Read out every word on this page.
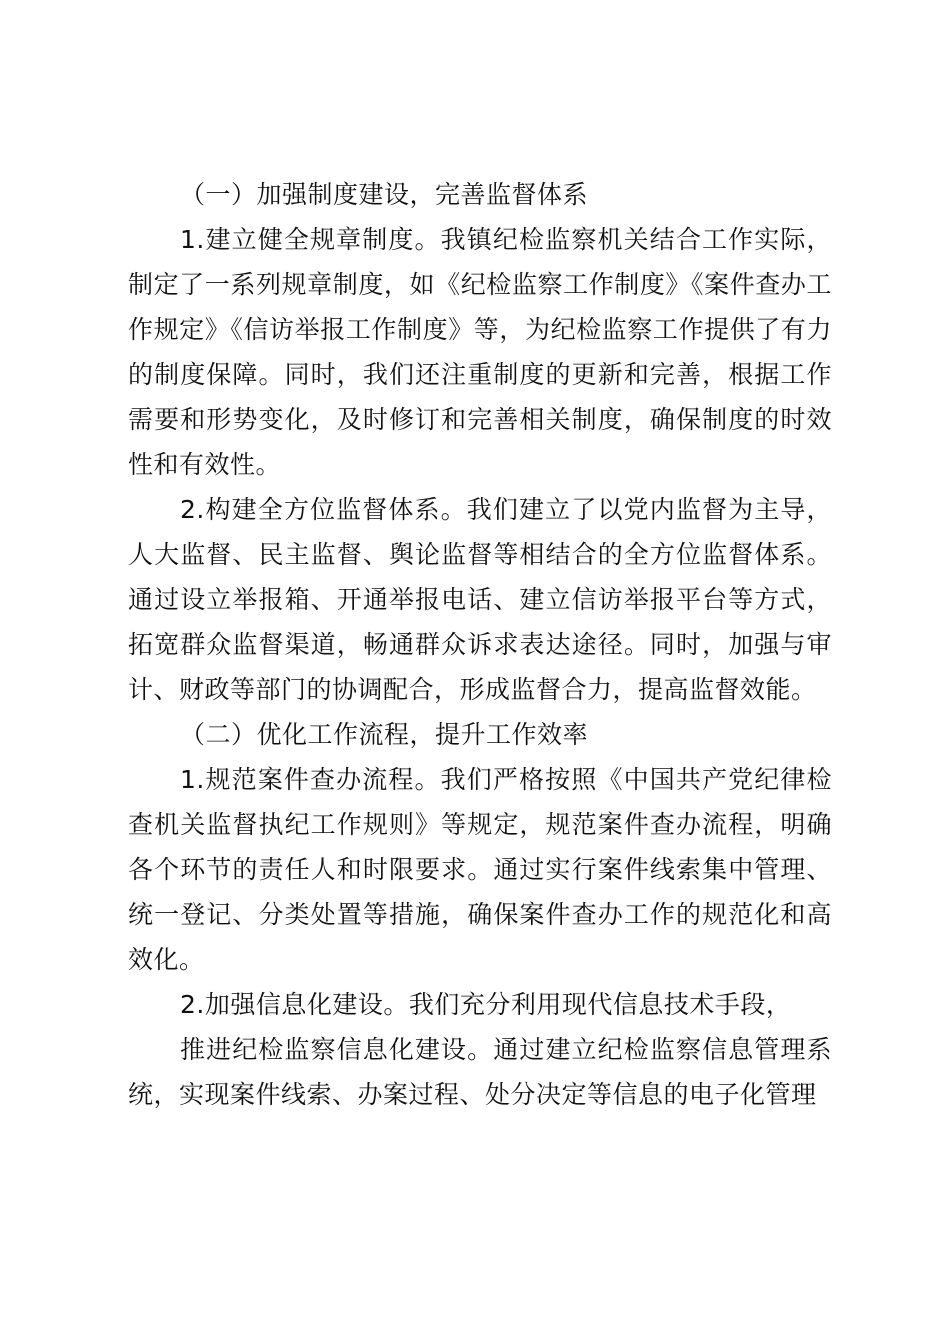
（一）加强制度建设，完善监督体系

1.建立健全规章制度。我镇纪检监察机关结合工作实际，制定了一系列规章制度，如《纪检监察工作制度》《案件查办工作规定》《信访举报工作制度》等，为纪检监察工作提供了有力的制度保障。同时，我们还注重制度的更新和完善，根据工作需要和形势变化，及时修订和完善相关制度，确保制度的时效性和有效性。

2.构建全方位监督体系。我们建立了以党内监督为主导，人大监督、民主监督、舆论监督等相结合的全方位监督体系。通过设立举报箱、开通举报电话、建立信访举报平台等方式，拓宽群众监督渠道，畅通群众诉求表达途径。同时，加强与审计、财政等部门的协调配合，形成监督合力，提高监督效能。

（二）优化工作流程，提升工作效率

1.规范案件查办流程。我们严格按照《中国共产党纪律检查机关监督执纪工作规则》等规定，规范案件查办流程，明确各个环节的责任人和时限要求。通过实行案件线索集中管理、统一登记、分类处置等措施，确保案件查办工作的规范化和高效化。

2.加强信息化建设。我们充分利用现代信息技术手段，

推进纪检监察信息化建设。通过建立纪检监察信息管理系统，实现案件线索、办案过程、处分决定等信息的电子化管理
